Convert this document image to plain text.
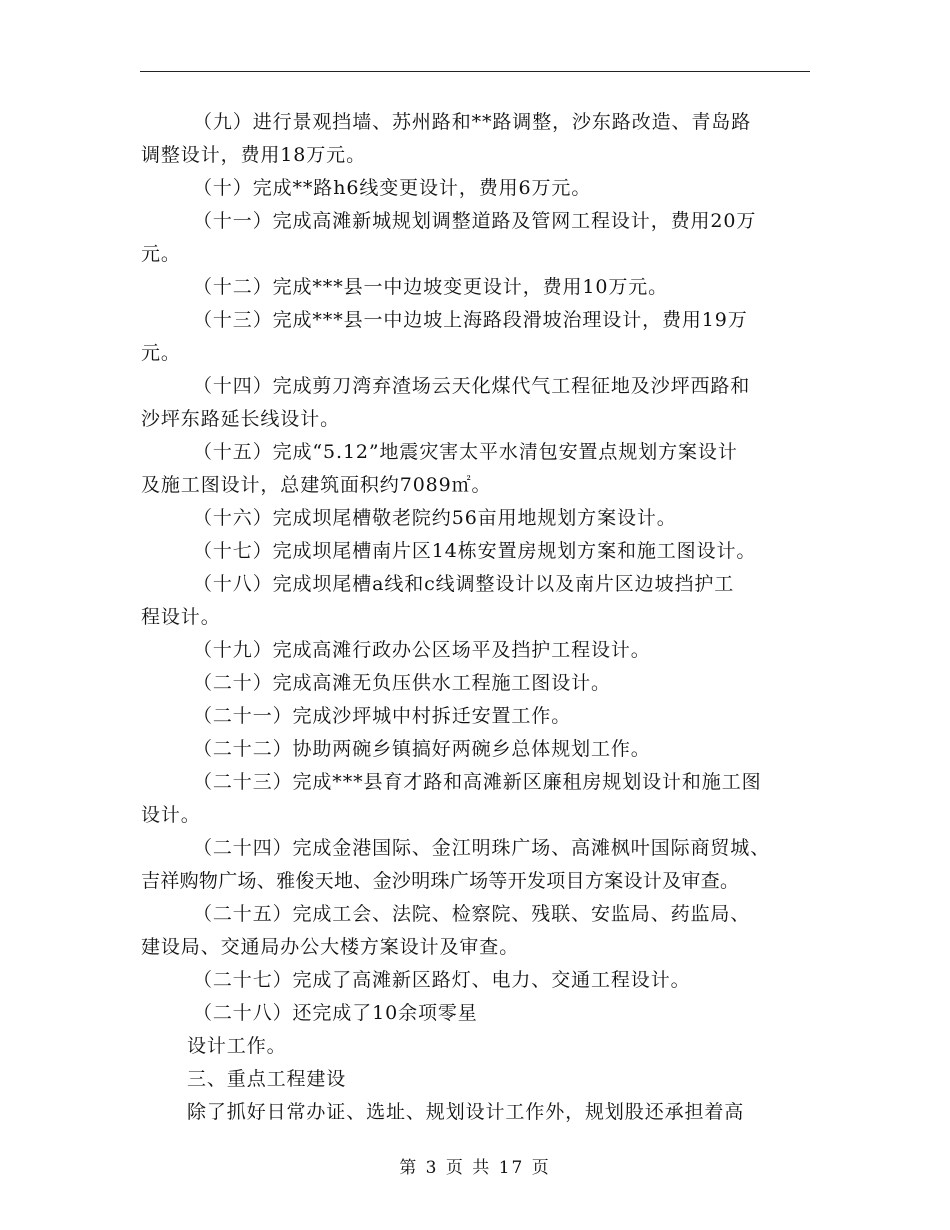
（九）进行景观挡墙、苏州路和**路调整，沙东路改造、青岛路
调整设计，费用18万元。
（十）完成**路h6线变更设计，费用6万元。
（十一）完成高滩新城规划调整道路及管网工程设计，费用20万
元。
（十二）完成***县一中边坡变更设计，费用10万元。
（十三）完成***县一中边坡上海路段滑坡治理设计，费用19万
元。
（十四）完成剪刀湾弃渣场云天化煤代气工程征地及沙坪西路和
沙坪东路延长线设计。
（十五）完成“5.12”地震灾害太平水清包安置点规划方案设计
及施工图设计，总建筑面积约7089㎡。
（十六）完成坝尾槽敬老院约56亩用地规划方案设计。
（十七）完成坝尾槽南片区14栋安置房规划方案和施工图设计。
（十八）完成坝尾槽a线和c线调整设计以及南片区边坡挡护工
程设计。
（十九）完成高滩行政办公区场平及挡护工程设计。
（二十）完成高滩无负压供水工程施工图设计。
（二十一）完成沙坪城中村拆迁安置工作。
（二十二）协助两碗乡镇搞好两碗乡总体规划工作。
（二十三）完成***县育才路和高滩新区廉租房规划设计和施工图
设计。
（二十四）完成金港国际、金江明珠广场、高滩枫叶国际商贸城、
吉祥购物广场、雅俊天地、金沙明珠广场等开发项目方案设计及审查。
（二十五）完成工会、法院、检察院、残联、安监局、药监局、
建设局、交通局办公大楼方案设计及审查。
（二十七）完成了高滩新区路灯、电力、交通工程设计。
（二十八）还完成了10余项零星
设计工作。
三、重点工程建设
除了抓好日常办证、选址、规划设计工作外，规划股还承担着高
第 3 页 共 17 页
